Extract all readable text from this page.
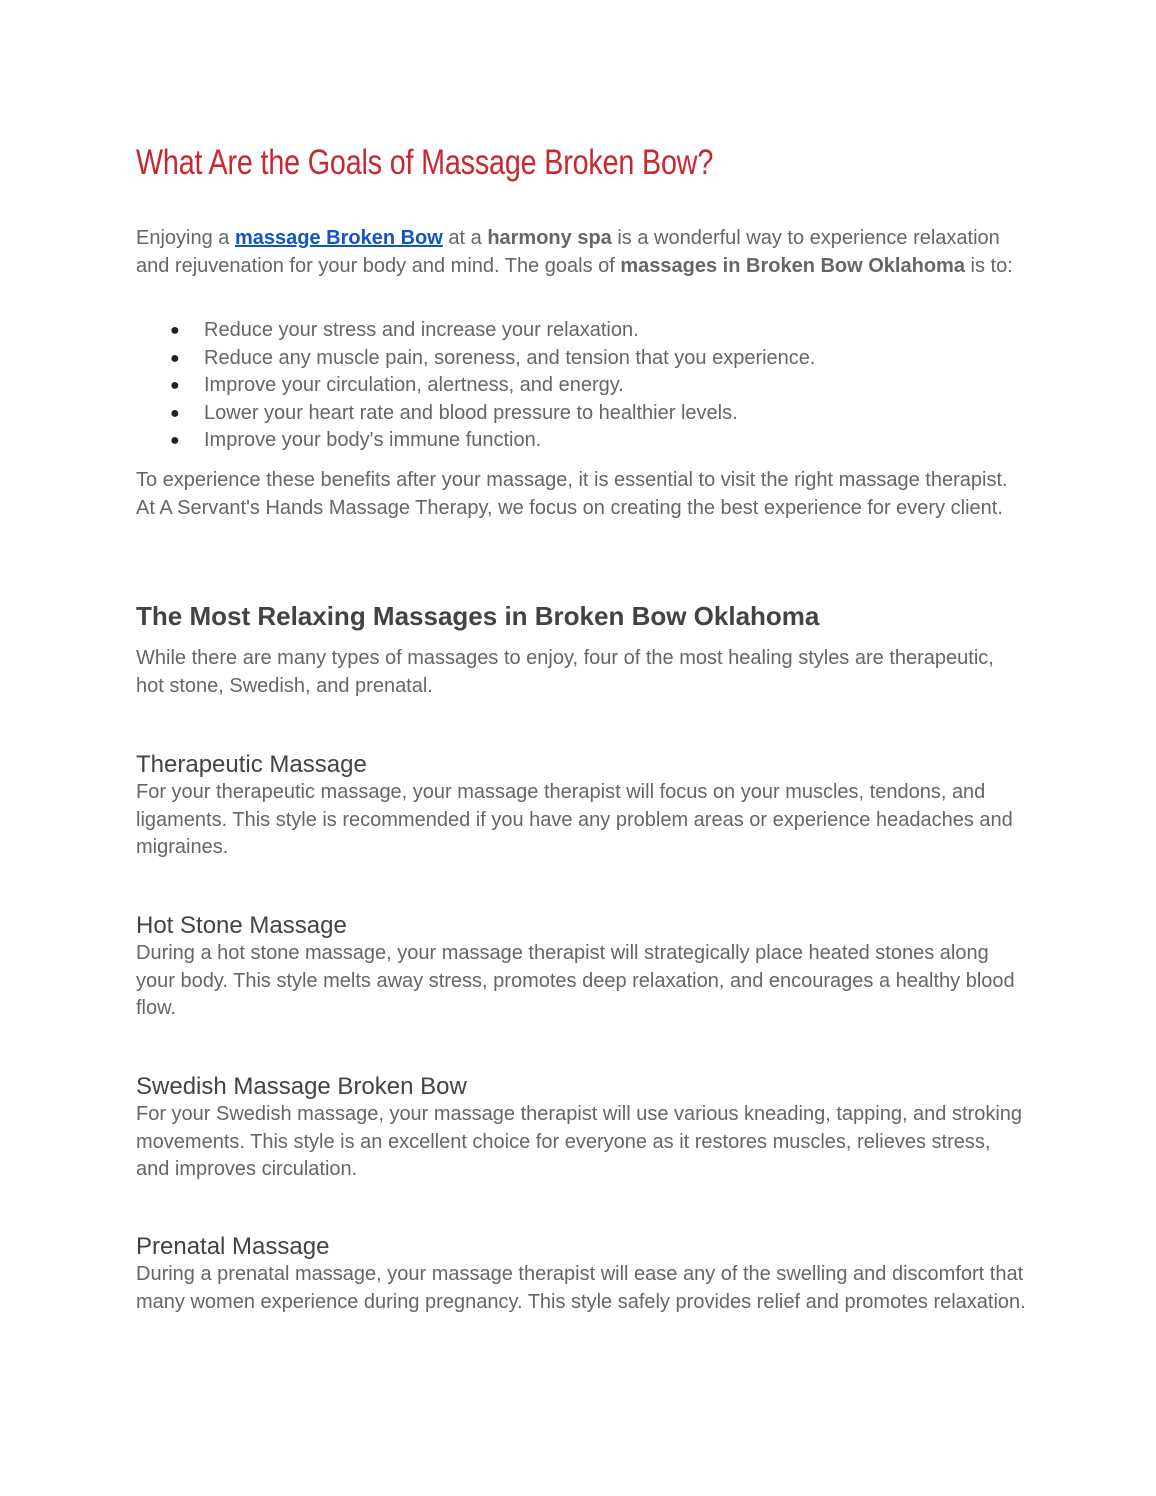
What Are the Goals of Massage Broken Bow?

Enjoying a massage Broken Bow at a harmony spa is a wonderful way to experience relaxation and rejuvenation for your body and mind. The goals of massages in Broken Bow Oklahoma is to:

● Reduce your stress and increase your relaxation.
● Reduce any muscle pain, soreness, and tension that you experience.
● Improve your circulation, alertness, and energy.
● Lower your heart rate and blood pressure to healthier levels.
● Improve your body's immune function.

To experience these benefits after your massage, it is essential to visit the right massage therapist. At A Servant's Hands Massage Therapy, we focus on creating the best experience for every client.

The Most Relaxing Massages in Broken Bow Oklahoma

While there are many types of massages to enjoy, four of the most healing styles are therapeutic, hot stone, Swedish, and prenatal.

Therapeutic Massage

For your therapeutic massage, your massage therapist will focus on your muscles, tendons, and ligaments. This style is recommended if you have any problem areas or experience headaches and migraines.

Hot Stone Massage

During a hot stone massage, your massage therapist will strategically place heated stones along your body. This style melts away stress, promotes deep relaxation, and encourages a healthy blood flow.

Swedish Massage Broken Bow

For your Swedish massage, your massage therapist will use various kneading, tapping, and stroking movements. This style is an excellent choice for everyone as it restores muscles, relieves stress, and improves circulation.

Prenatal Massage

During a prenatal massage, your massage therapist will ease any of the swelling and discomfort that many women experience during pregnancy. This style safely provides relief and promotes relaxation.
